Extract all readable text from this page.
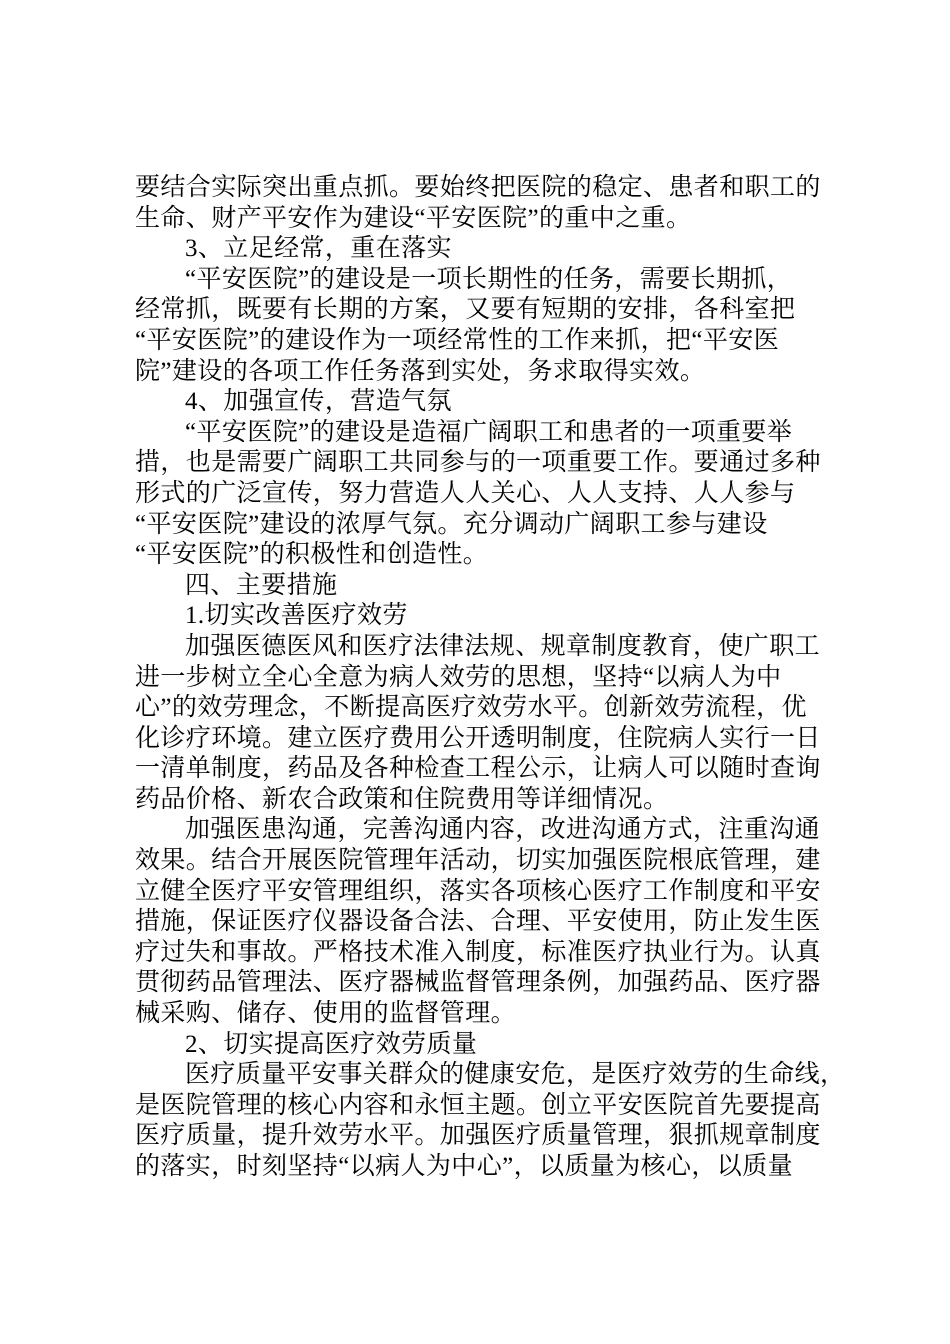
要结合实际突出重点抓。要始终把医院的稳定、患者和职工的
生命、财产平安作为建设“平安医院”的重中之重。
3、立足经常，重在落实
“平安医院”的建设是一项长期性的任务，需要长期抓，
经常抓，既要有长期的方案，又要有短期的安排，各科室把
“平安医院”的建设作为一项经常性的工作来抓，把“平安医
院”建设的各项工作任务落到实处，务求取得实效。
4、加强宣传，营造气氛
“平安医院”的建设是造福广阔职工和患者的一项重要举
措，也是需要广阔职工共同参与的一项重要工作。要通过多种
形式的广泛宣传，努力营造人人关心、人人支持、人人参与
“平安医院”建设的浓厚气氛。充分调动广阔职工参与建设
“平安医院”的积极性和创造性。
四、主要措施
1.切实改善医疗效劳
加强医德医风和医疗法律法规、规章制度教育，使广职工
进一步树立全心全意为病人效劳的思想，坚持“以病人为中
心”的效劳理念，不断提高医疗效劳水平。创新效劳流程，优
化诊疗环境。建立医疗费用公开透明制度，住院病人实行一日
一清单制度，药品及各种检查工程公示，让病人可以随时查询
药品价格、新农合政策和住院费用等详细情况。
加强医患沟通，完善沟通内容，改进沟通方式，注重沟通
效果。结合开展医院管理年活动，切实加强医院根底管理，建
立健全医疗平安管理组织，落实各项核心医疗工作制度和平安
措施，保证医疗仪器设备合法、合理、平安使用，防止发生医
疗过失和事故。严格技术准入制度，标准医疗执业行为。认真
贯彻药品管理法、医疗器械监督管理条例，加强药品、医疗器
械采购、储存、使用的监督管理。
2、切实提高医疗效劳质量
医疗质量平安事关群众的健康安危，是医疗效劳的生命线，
是医院管理的核心内容和永恒主题。创立平安医院首先要提高
医疗质量，提升效劳水平。加强医疗质量管理，狠抓规章制度
的落实，时刻坚持“以病人为中心”，以质量为核心，以质量
